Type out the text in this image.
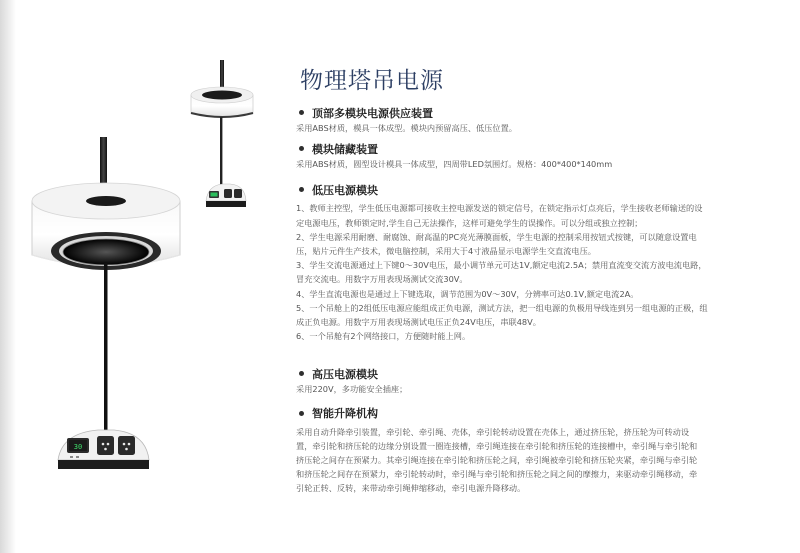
30
物理塔吊电源
顶部多模块电源供应装置
采用ABS材质，模具一体成型。模块内预留高压、低压位置。
模块储藏装置
采用ABS材质，圆型设计模具一体成型，四周带LED氛围灯。规格：400*400*140mm
低压电源模块
1、教师主控型，学生低压电源都可接收主控电源发送的锁定信号，在锁定指示灯点亮后，学生接收老师输送的设
定电源电压，教师锁定时,学生自己无法操作，这样可避免学生的误操作。可以分组或独立控制；
2、学生电源采用耐磨、耐腐蚀、耐高温的PC亮光薄膜面板，学生电源的控制采用按钮式按键，可以随意设置电
压，贴片元件生产技术，微电脑控制，采用大于4寸液晶显示电源学生交直流电压。
3、学生交流电源通过上下键0～30V电压，最小调节单元可达1V,额定电流2.5A；禁用直流变交流方波电流电路，
冒充交流电。用数字万用表现场测试交流30V。
4、学生直流电源也是通过上下键选取，调节范围为0V～30V，分辨率可达0.1V,额定电流2A。
5、一个吊舱上的2组低压电源应能组成正负电源，测试方法，把一组电源的负极用导线连到另一组电源的正极，组
成正负电源。用数字万用表现场测试电压正负24V电压，串联48V。
6、一个吊舱有2个网络接口，方便随时能上网。
高压电源模块
采用220V，多功能安全插座；
智能升降机构
采用自动升降牵引装置，牵引轮、牵引绳、壳体，牵引轮转动设置在壳体上，通过挤压轮，挤压轮为可转动设
置，牵引轮和挤压轮的边缘分别设置一圈连接槽，牵引绳连接在牵引轮和挤压轮的连接槽中，牵引绳与牵引轮和
挤压轮之间存在预紧力。其牵引绳连接在牵引轮和挤压轮之间，牵引绳被牵引轮和挤压轮夹紧，牵引绳与牵引轮
和挤压轮之间存在预紧力，牵引轮转动时，牵引绳与牵引轮和挤压轮之间之间的摩擦力，来驱动牵引绳移动，牵
引轮正转、反转，来带动牵引绳伸缩移动，牵引电源升降移动。
